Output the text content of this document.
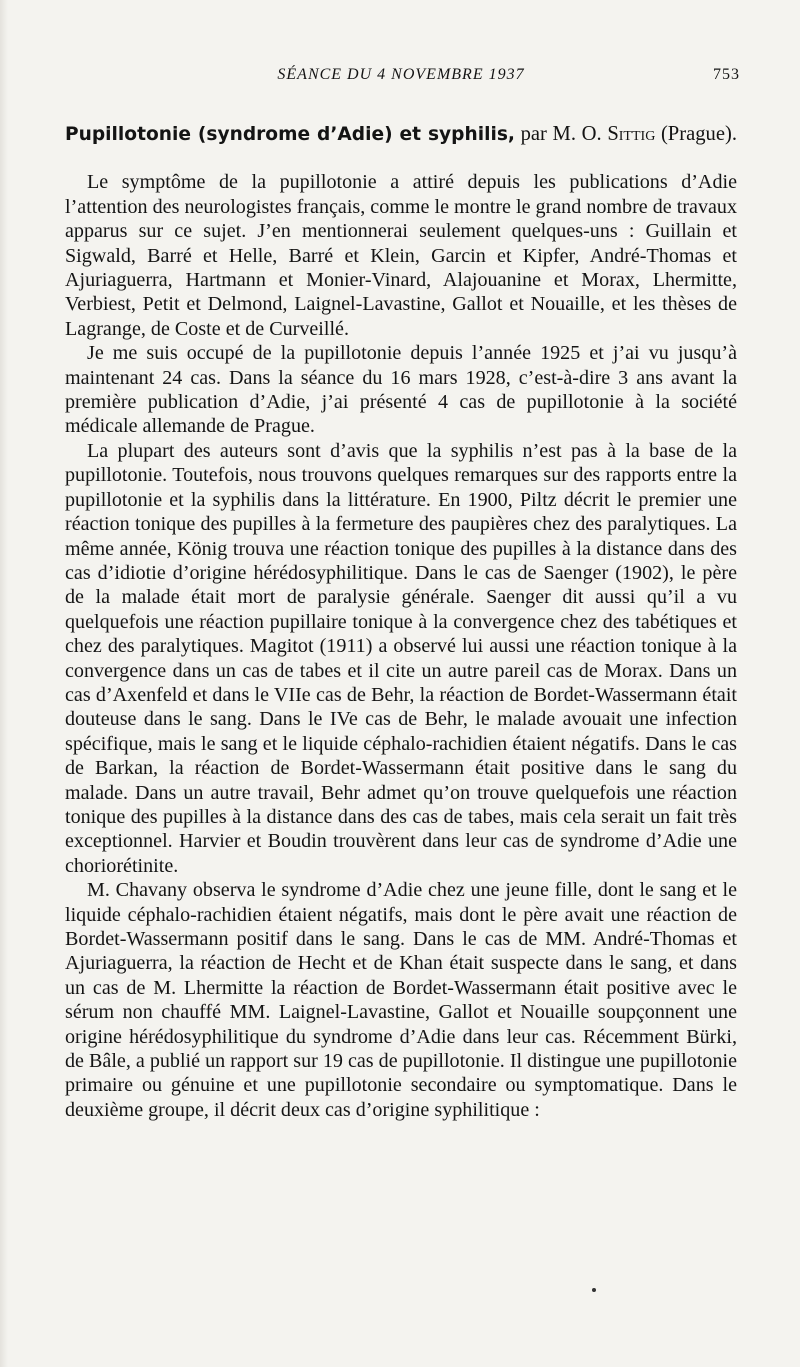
SÉANCE DU 4 NOVEMBRE 1937	753
Pupillotonie (syndrome d’Adie) et syphilis, par M. O. Sittig (Prague).

Le symptôme de la pupillotonie a attiré depuis les publications d’Adie l’attention des neurologistes français, comme le montre le grand nombre de travaux apparus sur ce sujet. J’en mentionnerai seulement quelques-uns : Guillain et Sigwald, Barré et Helle, Barré et Klein, Garcin et Kipfer, André-Thomas et Ajuriaguerra, Hartmann et Monier-Vinard, Alajouanine et Morax, Lhermitte, Verbiest, Petit et Delmond, Laignel-Lavastine, Gallot et Nouaille, et les thèses de Lagrange, de Coste et de Curveillé.

Je me suis occupé de la pupillotonie depuis l’année 1925 et j’ai vu jusqu’à maintenant 24 cas. Dans la séance du 16 mars 1928, c’est-à-dire 3 ans avant la première publication d’Adie, j’ai présenté 4 cas de pupillotonie à la société médicale allemande de Prague.

La plupart des auteurs sont d’avis que la syphilis n’est pas à la base de la pupillotonie. Toutefois, nous trouvons quelques remarques sur des rapports entre la pupillotonie et la syphilis dans la littérature. En 1900, Piltz décrit le premier une réaction tonique des pupilles à la fermeture des paupières chez des paralytiques. La même année, König trouva une réaction tonique des pupilles à la distance dans des cas d’idiotie d’origine hérédosyphilitique. Dans le cas de Saenger (1902), le père de la malade était mort de paralysie générale. Saenger dit aussi qu’il a vu quelquefois une réaction pupillaire tonique à la convergence chez des tabétiques et chez des paralytiques. Magitot (1911) a observé lui aussi une réaction tonique à la convergence dans un cas de tabes et il cite un autre pareil cas de Morax. Dans un cas d’Axenfeld et dans le VIIe cas de Behr, la réaction de Bordet-Wassermann était douteuse dans le sang. Dans le IVe cas de Behr, le malade avouait une infection spécifique, mais le sang et le liquide céphalo-rachidien étaient négatifs. Dans le cas de Barkan, la réaction de Bordet-Wassermann était positive dans le sang du malade. Dans un autre travail, Behr admet qu’on trouve quelquefois une réaction tonique des pupilles à la distance dans des cas de tabes, mais cela serait un fait très exceptionnel. Harvier et Boudin trouvèrent dans leur cas de syndrome d’Adie une choriorétinite.

M. Chavany observa le syndrome d’Adie chez une jeune fille, dont le sang et le liquide céphalo-rachidien étaient négatifs, mais dont le père avait une réaction de Bordet-Wassermann positif dans le sang. Dans le cas de MM. André-Thomas et Ajuriaguerra, la réaction de Hecht et de Khan était suspecte dans le sang, et dans un cas de M. Lhermitte la réaction de Bordet-Wassermann était positive avec le sérum non chauffé MM. Laignel-Lavastine, Gallot et Nouaille soupçonnent une origine hérédosyphilitique du syndrome d’Adie dans leur cas. Récemment Bürki, de Bâle, a publié un rapport sur 19 cas de pupillotonie. Il distingue une pupillotonie primaire ou génuine et une pupillotonie secondaire ou symptomatique. Dans le deuxième groupe, il décrit deux cas d’origine syphilitique :
